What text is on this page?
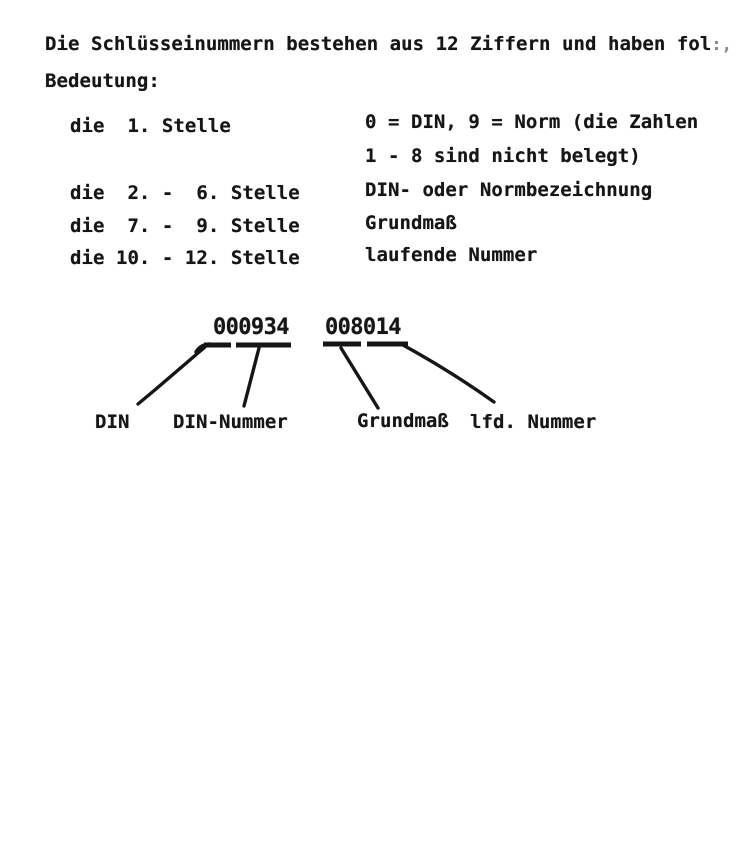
Die Schlüsseinummern bestehen aus 12 Ziffern und haben fol:,
Bedeutung:
die  1. Stelle
die  2. -  6. Stelle
die  7. -  9. Stelle
die 10. - 12. Stelle
0 = DIN, 9 = Norm (die Zahlen
1 - 8 sind nicht belegt)
DIN- oder Normbezeichnung
Grundmaß
laufende Nummer
000934 008014
DIN DIN-Nummer	Grundmaß lfd. Nummer
